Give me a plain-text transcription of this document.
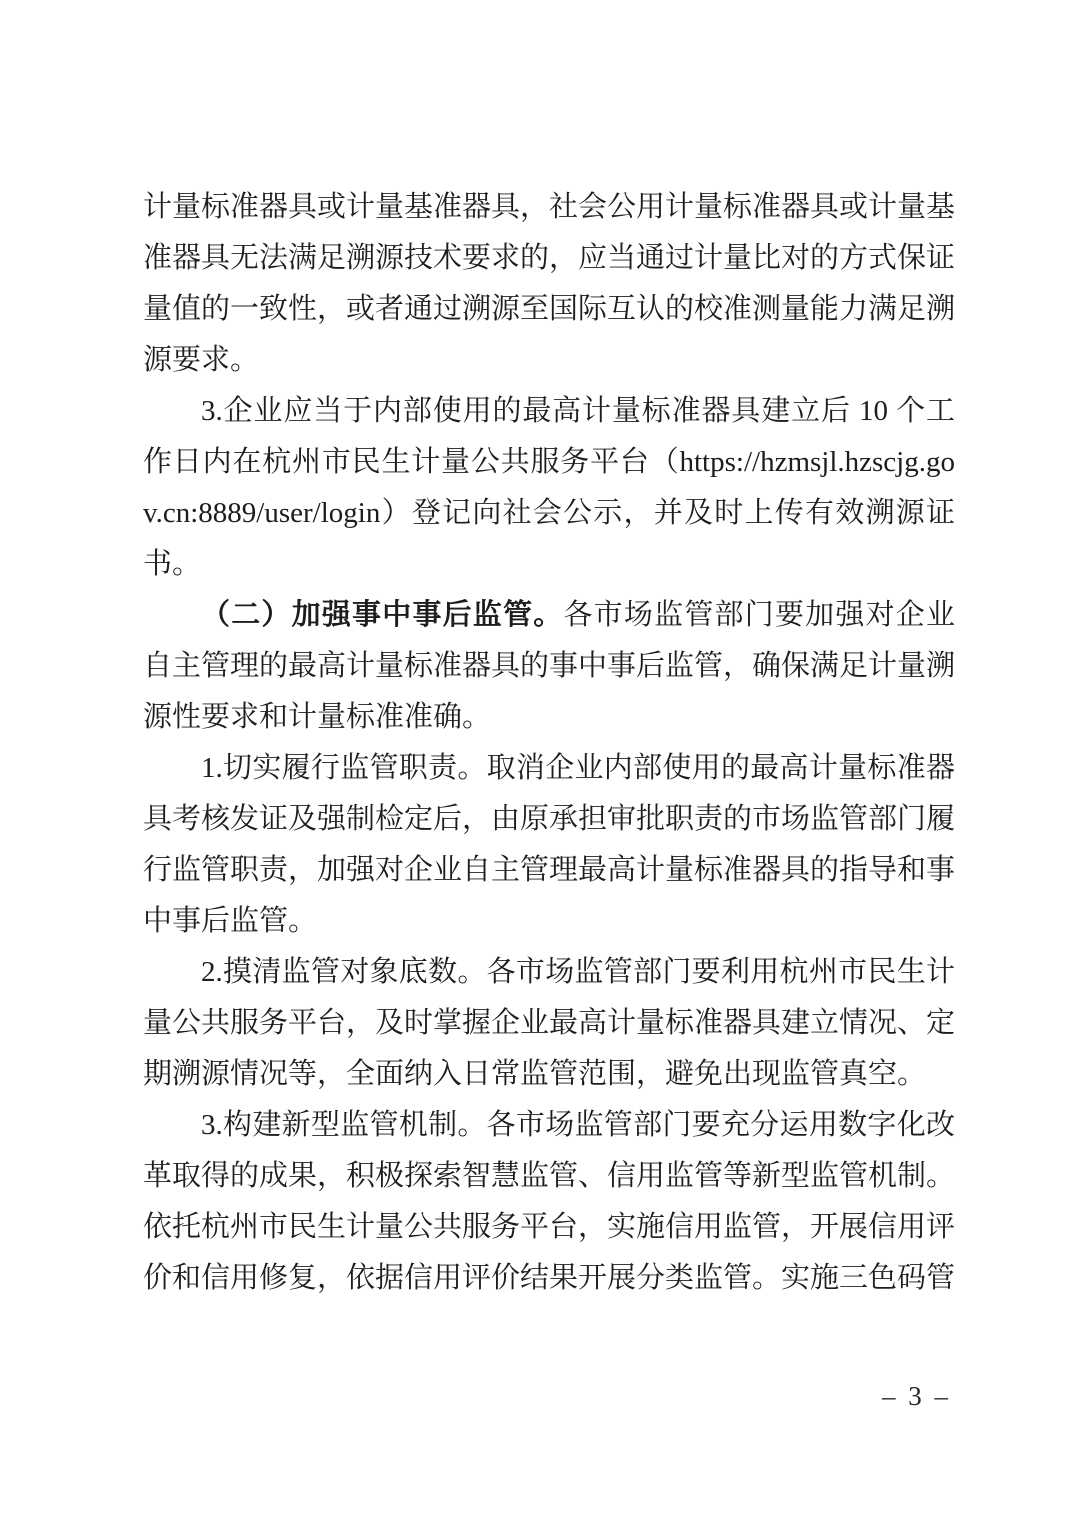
计量标准器具或计量基准器具，社会公用计量标准器具或计量基准器具无法满足溯源技术要求的，应当通过计量比对的方式保证量值的一致性，或者通过溯源至国际互认的校准测量能力满足溯源要求。

3.企业应当于内部使用的最高计量标准器具建立后 10 个工作日内在杭州市民生计量公共服务平台（https://hzmsjl.hzscjg.gov.cn:8889/user/login）登记向社会公示，并及时上传有效溯源证书。

（二）加强事中事后监管。各市场监管部门要加强对企业自主管理的最高计量标准器具的事中事后监管，确保满足计量溯源性要求和计量标准准确。

1.切实履行监管职责。取消企业内部使用的最高计量标准器具考核发证及强制检定后，由原承担审批职责的市场监管部门履行监管职责，加强对企业自主管理最高计量标准器具的指导和事中事后监管。

2.摸清监管对象底数。各市场监管部门要利用杭州市民生计量公共服务平台，及时掌握企业最高计量标准器具建立情况、定期溯源情况等，全面纳入日常监管范围，避免出现监管真空。

3.构建新型监管机制。各市场监管部门要充分运用数字化改革取得的成果，积极探索智慧监管、信用监管等新型监管机制。依托杭州市民生计量公共服务平台，实施信用监管，开展信用评价和信用修复，依据信用评价结果开展分类监管。实施三色码管

– 3 –
